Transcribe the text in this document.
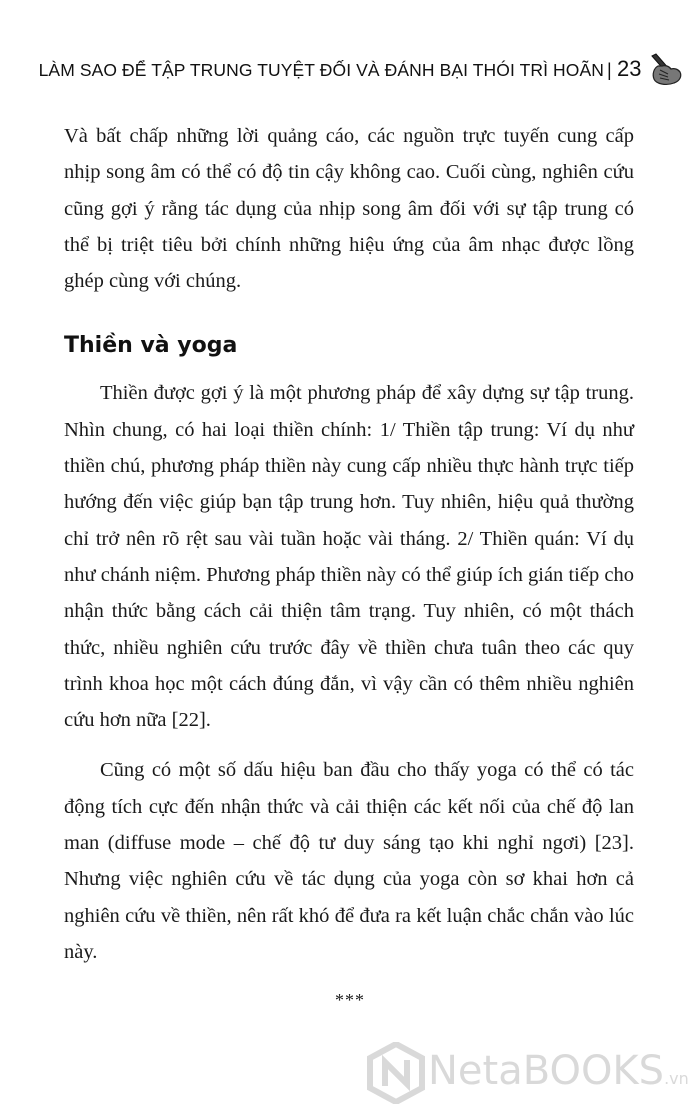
LÀM SAO ĐỂ TẬP TRUNG TUYỆT ĐỐI VÀ ĐÁNH BẠI THÓI TRÌ HOÃN | 23

Và bất chấp những lời quảng cáo, các nguồn trực tuyến cung cấp nhịp song âm có thể có độ tin cậy không cao. Cuối cùng, nghiên cứu cũng gợi ý rằng tác dụng của nhịp song âm đối với sự tập trung có thể bị triệt tiêu bởi chính những hiệu ứng của âm nhạc được lồng ghép cùng với chúng.

Thiền và yoga

Thiền được gợi ý là một phương pháp để xây dựng sự tập trung. Nhìn chung, có hai loại thiền chính: 1/ Thiền tập trung: Ví dụ như thiền chú, phương pháp thiền này cung cấp nhiều thực hành trực tiếp hướng đến việc giúp bạn tập trung hơn. Tuy nhiên, hiệu quả thường chỉ trở nên rõ rệt sau vài tuần hoặc vài tháng. 2/ Thiền quán: Ví dụ như chánh niệm. Phương pháp thiền này có thể giúp ích gián tiếp cho nhận thức bằng cách cải thiện tâm trạng. Tuy nhiên, có một thách thức, nhiều nghiên cứu trước đây về thiền chưa tuân theo các quy trình khoa học một cách đúng đắn, vì vậy cần có thêm nhiều nghiên cứu hơn nữa [22].

Cũng có một số dấu hiệu ban đầu cho thấy yoga có thể có tác động tích cực đến nhận thức và cải thiện các kết nối của chế độ lan man (diffuse mode – chế độ tư duy sáng tạo khi nghỉ ngơi) [23]. Nhưng việc nghiên cứu về tác dụng của yoga còn sơ khai hơn cả nghiên cứu về thiền, nên rất khó để đưa ra kết luận chắc chắn vào lúc này.

***
NetaBOOKS.vn
